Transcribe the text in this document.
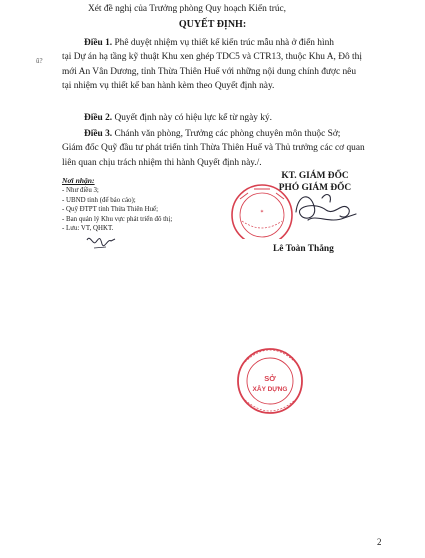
Xét đề nghị của Trưởng phòng Quy hoạch Kiến trúc,
QUYẾT ĐỊNH:
ŭ?
Điều 1. Phê duyệt nhiệm vụ thiết kế kiến trúc mẫu nhà ở điển hình
tại Dự án hạ tầng kỹ thuật Khu xen ghép TDC5 và CTR13, thuộc Khu A, Đô thị
mới An Vân Dương, tỉnh Thừa Thiên Huế với những nội dung chính được nêu
tại nhiệm vụ thiết kế ban hành kèm theo Quyết định này.
Điều 2. Quyết định này có hiệu lực kể từ ngày ký.
Điều 3. Chánh văn phòng, Trưởng các phòng chuyên môn thuộc Sở;
Giám đốc Quỹ đầu tư phát triển tỉnh Thừa Thiên Huế và Thủ trưởng các cơ quan
liên quan chịu trách nhiệm thi hành Quyết định này./.
Nơi nhận:
- Như điều 3;
- UBND tỉnh (để báo cáo);
- Quỹ ĐTPT tỉnh Thừa Thiên Huế;
- Ban quản lý Khu vực phát triển đô thị;
- Lưu: VT, QHKT.
KT. GIÁM ĐỐC
PHÓ GIÁM ĐỐC
✶
SỞ
XÂY DỰNG
Lê Toàn Thắng
2
